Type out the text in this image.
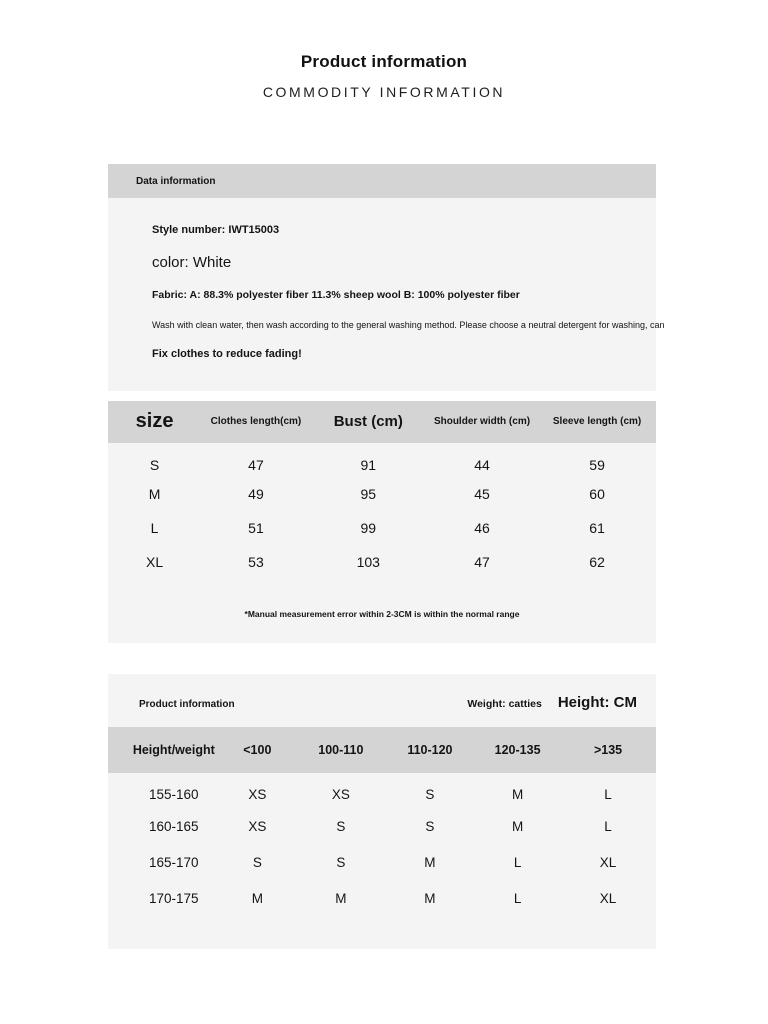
Product information
COMMODITY INFORMATION
Data information

Style number: IWT15003

color: White

Fabric: A: 88.3% polyester fiber 11.3% sheep wool B: 100% polyester fiber

Wash with clean water, then wash according to the general washing method. Please choose a neutral detergent for washing, can

Fix clothes to reduce fading!

size	Clothes length(cm)	Bust (cm)	Shoulder width (cm)	Sleeve length (cm)
S	47	91	44	59
M	49	95	45	60
L	51	99	46	61
XL	53	103	47	62

*Manual measurement error within 2-3CM is within the normal range

Product information	Weight: catties Height: CM
Height/weight	<100	100-110	110-120	120-135	>135
155-160	XS	XS	S	M	L
160-165	XS	S	S	M	L
165-170	S	S	M	L	XL
170-175	M	M	M	L	XL
